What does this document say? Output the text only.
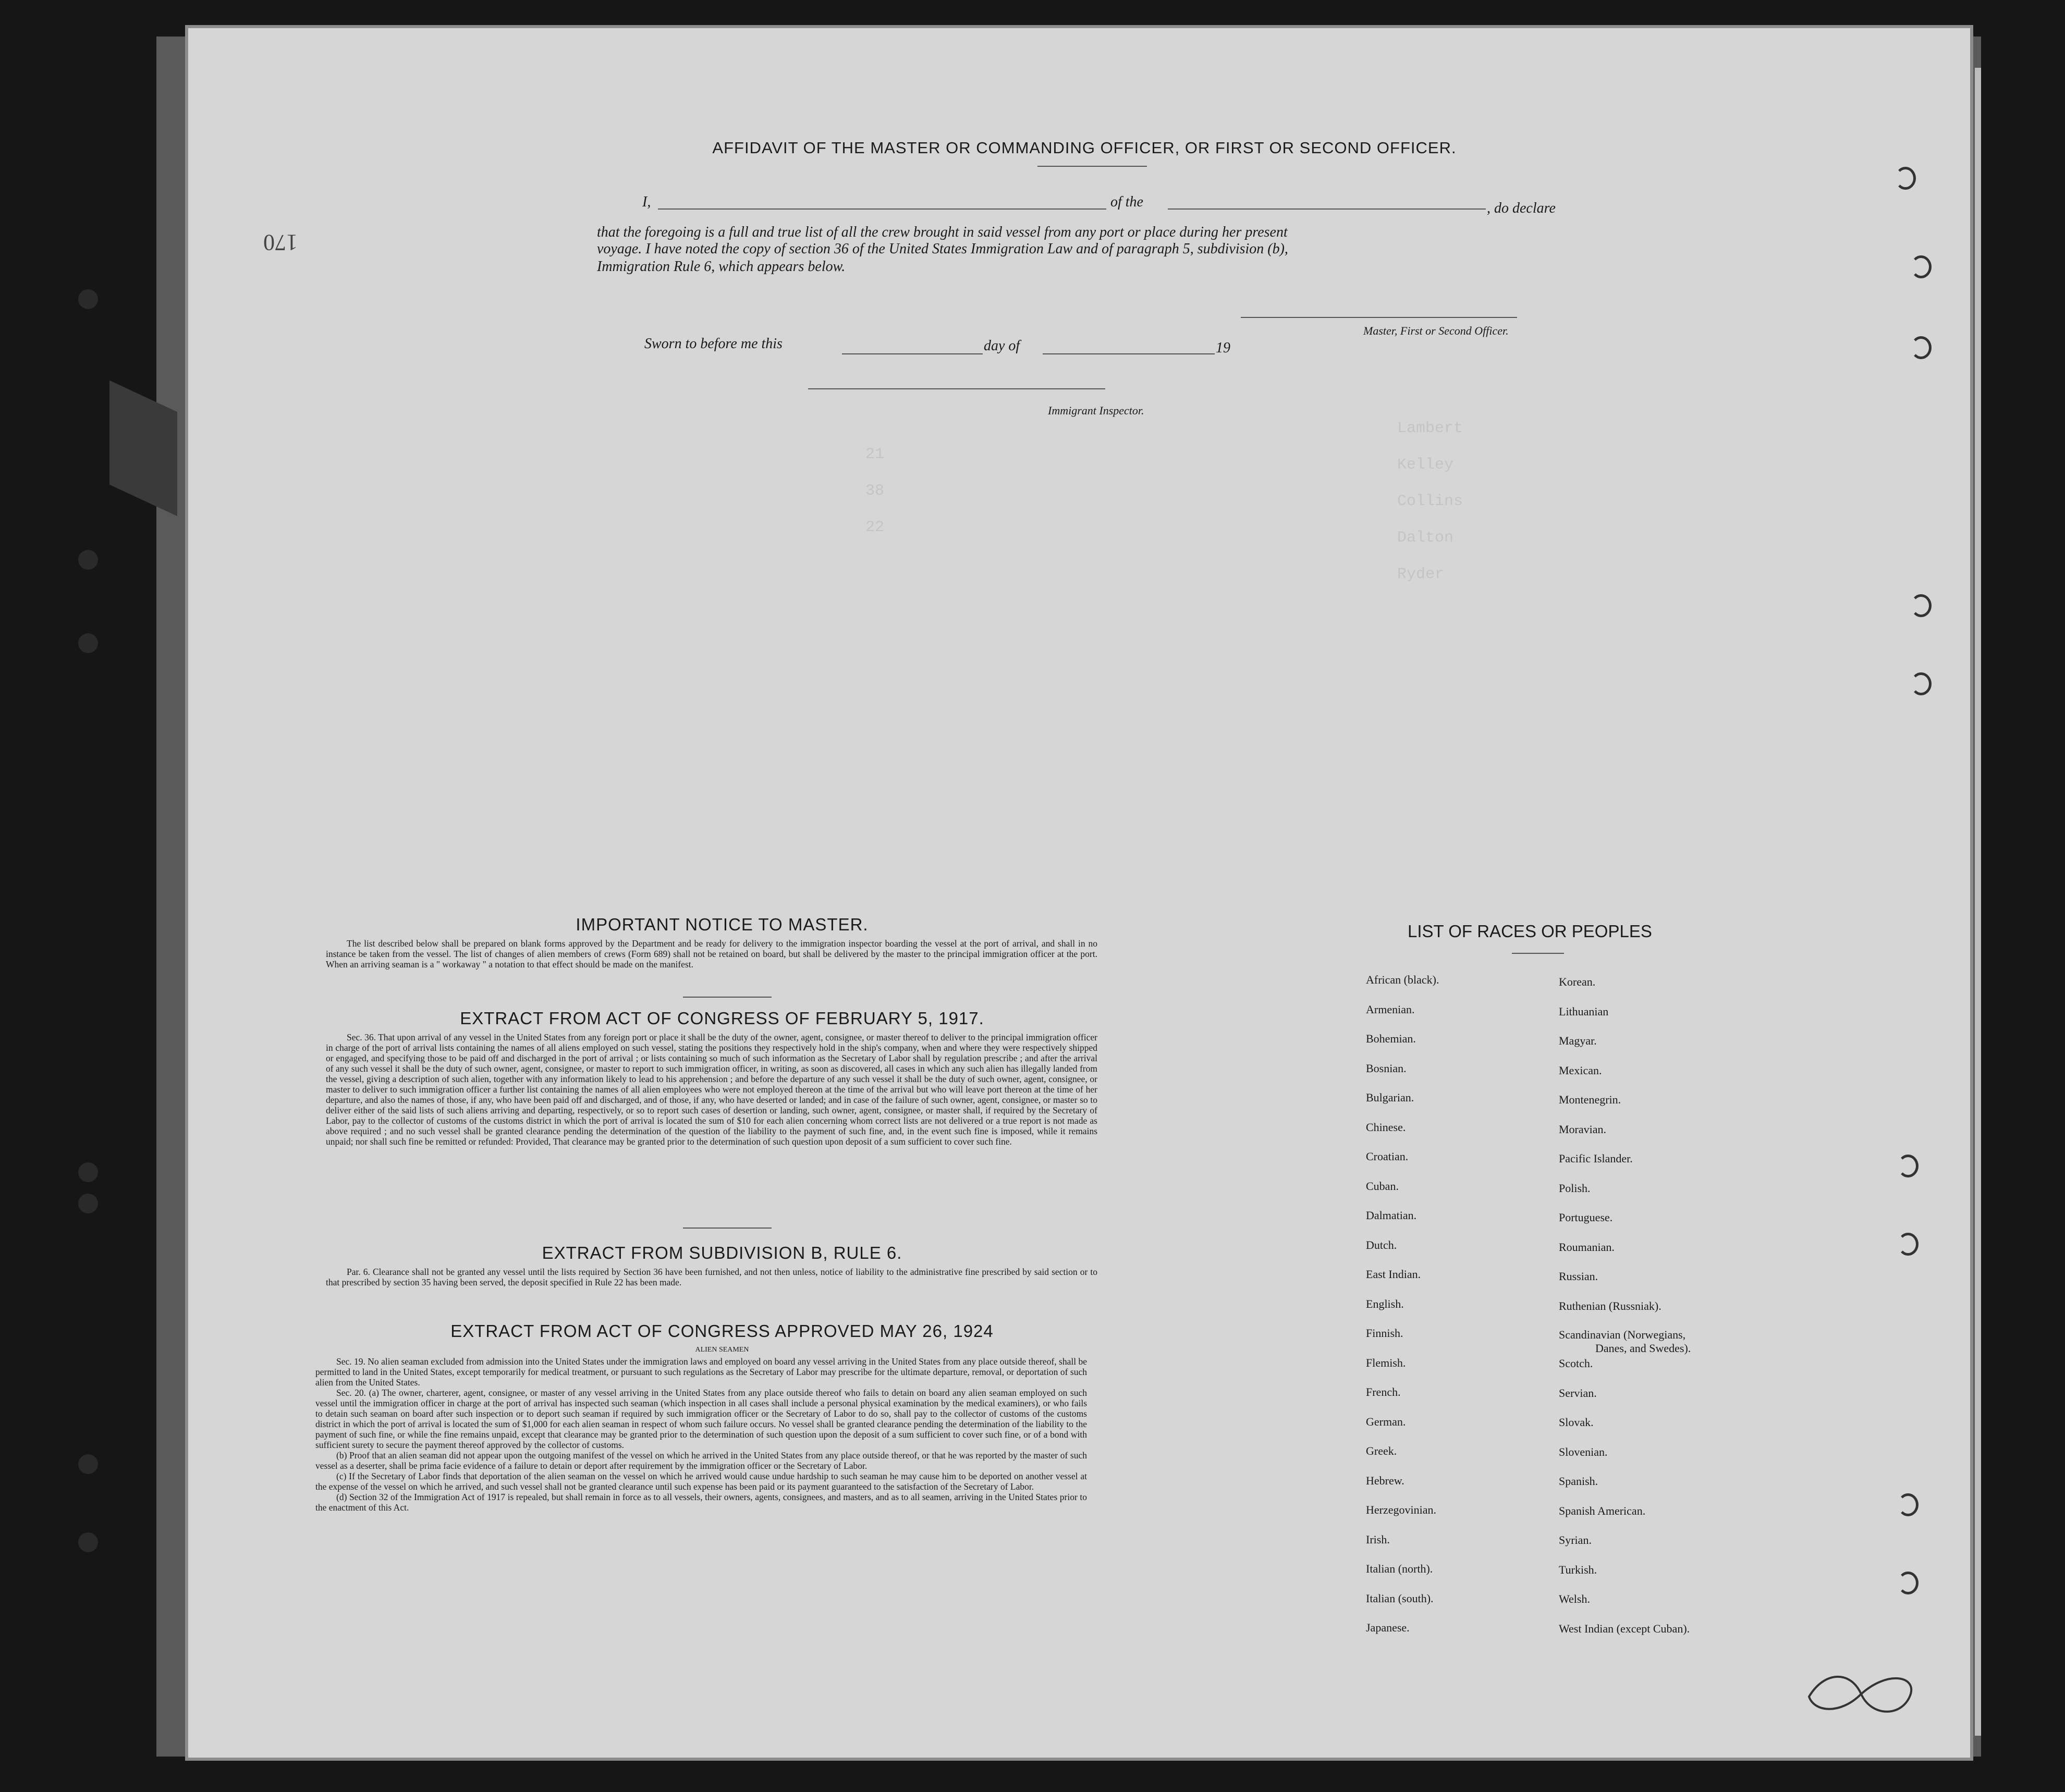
170
Lambert
Kelley
Collins
Dalton
Ryder
21
38
22
AFFIDAVIT OF THE MASTER OR COMMANDING OFFICER, OR FIRST OR SECOND OFFICER.
I,	of the	, do declare
that the foregoing is a full and true list of all the crew brought in said vessel from any port or place during her present
voyage. I have noted the copy of section 36 of the United States Immigration Law and of paragraph 5, subdivision (b),
Immigration Rule 6, which appears below.
Master, First or Second Officer.
Sworn to before me this	day of	19
Immigrant Inspector.
IMPORTANT NOTICE TO MASTER.
The list described below shall be prepared on blank forms approved by the Department and be ready for delivery to the immigration inspector boarding the vessel at the port of arrival, and shall in no instance be taken from the vessel. The list of changes of alien members of crews (Form 689) shall not be retained on board, but shall be delivered by the master to the principal immigration officer at the port. When an arriving seaman is a " workaway " a notation to that effect should be made on the manifest.
EXTRACT FROM ACT OF CONGRESS OF FEBRUARY 5, 1917.
Sec. 36. That upon arrival of any vessel in the United States from any foreign port or place it shall be the duty of the owner, agent, consignee, or master thereof to deliver to the principal immigration officer in charge of the port of arrival lists containing the names of all aliens employed on such vessel, stating the positions they respectively hold in the ship's company, when and where they were respectively shipped or engaged, and specifying those to be paid off and discharged in the port of arrival ; or lists containing so much of such information as the Secretary of Labor shall by regulation prescribe ; and after the arrival of any such vessel it shall be the duty of such owner, agent, consignee, or master to report to such immigration officer, in writing, as soon as discovered, all cases in which any such alien has illegally landed from the vessel, giving a description of such alien, together with any information likely to lead to his apprehension ; and before the departure of any such vessel it shall be the duty of such owner, agent, consignee, or master to deliver to such immigration officer a further list containing the names of all alien employees who were not employed thereon at the time of the arrival but who will leave port thereon at the time of her departure, and also the names of those, if any, who have been paid off and discharged, and of those, if any, who have deserted or landed; and in case of the failure of such owner, agent, consignee, or master so to deliver either of the said lists of such aliens arriving and departing, respectively, or so to report such cases of desertion or landing, such owner, agent, consignee, or master shall, if required by the Secretary of Labor, pay to the collector of customs of the customs district in which the port of arrival is located the sum of $10 for each alien concerning whom correct lists are not delivered or a true report is not made as above required ; and no such vessel shall be granted clearance pending the determination of the question of the liability to the payment of such fine, and, in the event such fine is imposed, while it remains unpaid; nor shall such fine be remitted or refunded: Provided, That clearance may be granted prior to the determination of such question upon deposit of a sum sufficient to cover such fine.
EXTRACT FROM SUBDIVISION B, RULE 6.
Par. 6. Clearance shall not be granted any vessel until the lists required by Section 36 have been furnished, and not then unless, notice of liability to the administrative fine prescribed by said section or to that prescribed by section 35 having been served, the deposit specified in Rule 22 has been made.
EXTRACT FROM ACT OF CONGRESS APPROVED MAY 26, 1924
ALIEN SEAMEN
Sec. 19. No alien seaman excluded from admission into the United States under the immigration laws and employed on board any vessel arriving in the United States from any place outside thereof, shall be permitted to land in the United States, except temporarily for medical treatment, or pursuant to such regulations as the Secretary of Labor may prescribe for the ultimate departure, removal, or deportation of such alien from the United States.
Sec. 20. (a) The owner, charterer, agent, consignee, or master of any vessel arriving in the United States from any place outside thereof who fails to detain on board any alien seaman employed on such vessel until the immigration officer in charge at the port of arrival has inspected such seaman (which inspection in all cases shall include a personal physical examination by the medical examiners), or who fails to detain such seaman on board after such inspection or to deport such seaman if required by such immigration officer or the Secretary of Labor to do so, shall pay to the collector of customs of the customs district in which the port of arrival is located the sum of $1,000 for each alien seaman in respect of whom such failure occurs. No vessel shall be granted clearance pending the determination of the liability to the payment of such fine, or while the fine remains unpaid, except that clearance may be granted prior to the determination of such question upon the deposit of a sum sufficient to cover such fine, or of a bond with sufficient surety to secure the payment thereof approved by the collector of customs.
(b) Proof that an alien seaman did not appear upon the outgoing manifest of the vessel on which he arrived in the United States from any place outside thereof, or that he was reported by the master of such vessel as a deserter, shall be prima facie evidence of a failure to detain or deport after requirement by the immigration officer or the Secretary of Labor.
(c) If the Secretary of Labor finds that deportation of the alien seaman on the vessel on which he arrived would cause undue hardship to such seaman he may cause him to be deported on another vessel at the expense of the vessel on which he arrived, and such vessel shall not be granted clearance until such expense has been paid or its payment guaranteed to the satisfaction of the Secretary of Labor.
(d) Section 32 of the Immigration Act of 1917 is repealed, but shall remain in force as to all vessels, their owners, agents, consignees, and masters, and as to all seamen, arriving in the United States prior to the enactment of this Act.
LIST OF RACES OR PEOPLES
African (black).
Armenian.
Bohemian.
Bosnian.
Bulgarian.
Chinese.
Croatian.
Cuban.
Dalmatian.
Dutch.
East Indian.
English.
Finnish.
Flemish.
French.
German.
Greek.
Hebrew.
Herzegovinian.
Irish.
Italian (north).
Italian (south).
Japanese.
Korean.
Lithuanian
Magyar.
Mexican.
Montenegrin.
Moravian.
Pacific Islander.
Polish.
Portuguese.
Roumanian.
Russian.
Ruthenian (Russniak).
Scandinavian (Norwegians,
Danes, and Swedes).
Scotch.
Servian.
Slovak.
Slovenian.
Spanish.
Spanish American.
Syrian.
Turkish.
Welsh.
West Indian (except Cuban).
